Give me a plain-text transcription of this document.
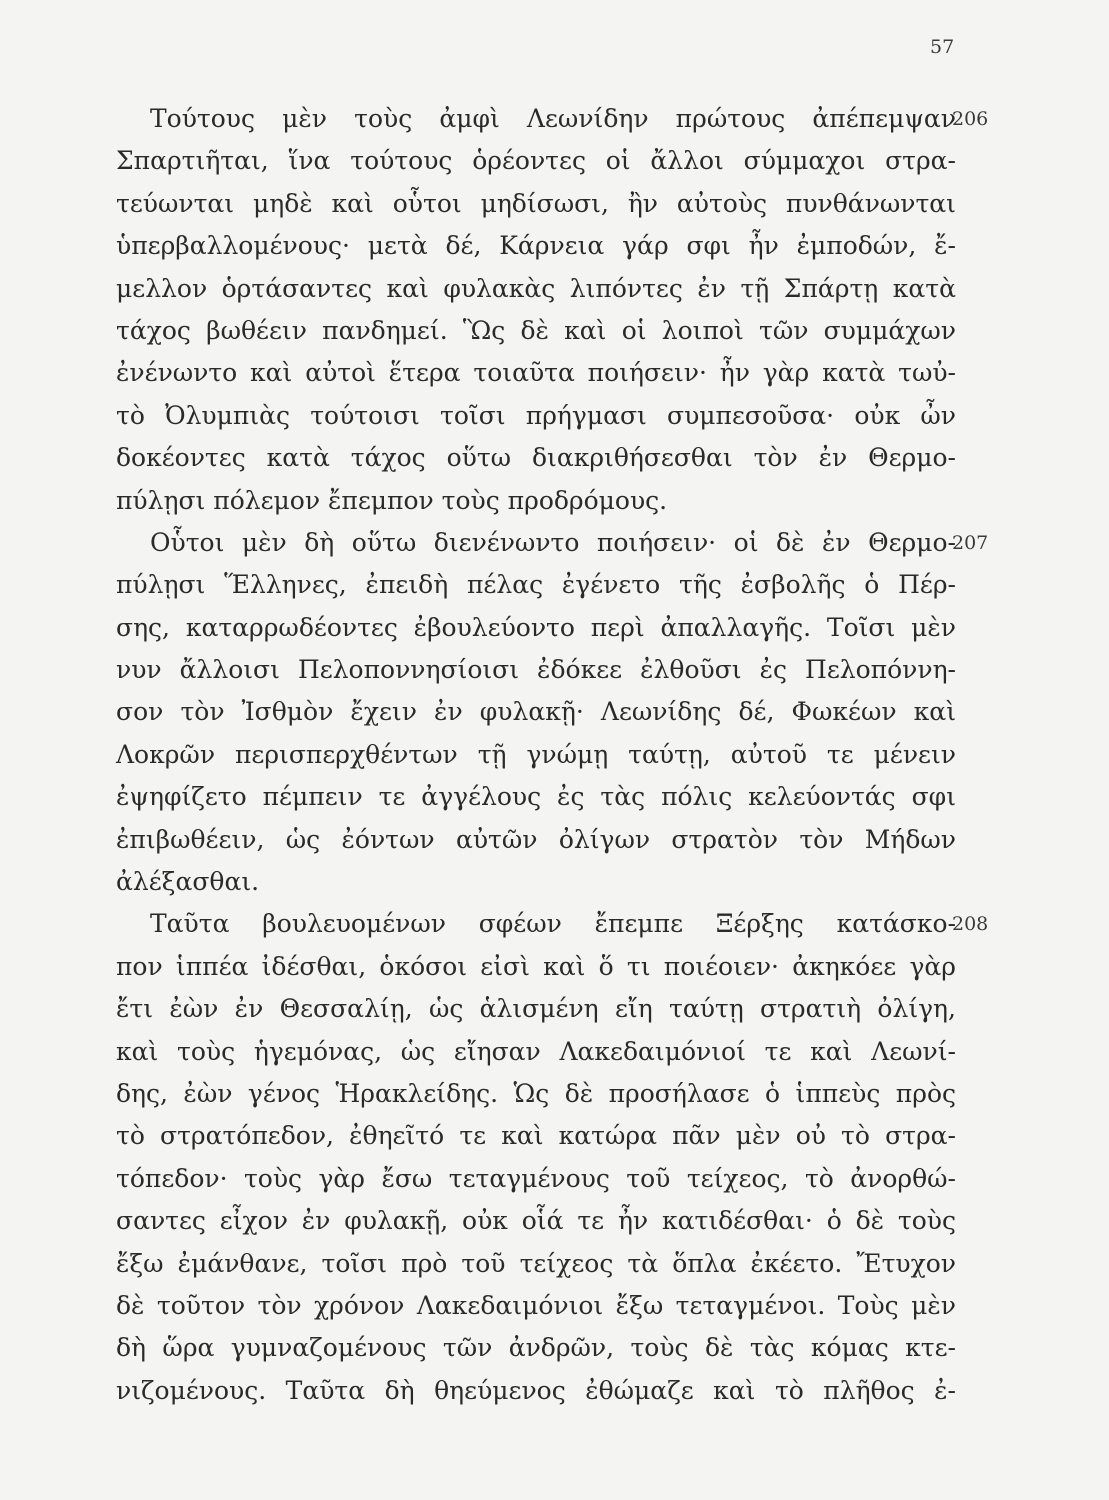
57
Τούτους μὲν τοὺς ἀμφὶ Λεωνίδην πρώτους ἀπέπεμψαν
206
Σπαρτιῆται, ἵνα τούτους ὁρέοντες οἱ ἄλλοι σύμμαχοι στρα-
τεύωνται μηδὲ καὶ οὗτοι μηδίσωσι, ἢν αὐτοὺς πυνθάνωνται
ὑπερβαλλομένους· μετὰ δέ, Κάρνεια γάρ σφι ἦν ἐμποδών, ἔ-
μελλον ὁρτάσαντες καὶ φυλακὰς λιπόντες ἐν τῇ Σπάρτῃ κατὰ
τάχος βωθέειν πανδημεί. Ὣς δὲ καὶ οἱ λοιποὶ τῶν συμμάχων
ἐνένωντο καὶ αὐτοὶ ἕτερα τοιαῦτα ποιήσειν· ἦν γὰρ κατὰ τωὐ-
τὸ Ὀλυμπιὰς τούτοισι τοῖσι πρήγμασι συμπεσοῦσα· οὐκ ὦν
δοκέοντες κατὰ τάχος οὕτω διακριθήσεσθαι τὸν ἐν Θερμο-
πύλῃσι πόλεμον ἔπεμπον τοὺς προδρόμους.
Οὗτοι μὲν δὴ οὕτω διενένωντο ποιήσειν· οἱ δὲ ἐν Θερμο-
207
πύλῃσι Ἕλληνες, ἐπειδὴ πέλας ἐγένετο τῆς ἐσβολῆς ὁ Πέρ-
σης, καταρρωδέοντες ἐβουλεύοντο περὶ ἀπαλλαγῆς. Τοῖσι μὲν
νυν ἄλλοισι Πελοποννησίοισι ἐδόκεε ἐλθοῦσι ἐς Πελοπόννη-
σον τὸν Ἰσθμὸν ἔχειν ἐν φυλακῇ· Λεωνίδης δέ, Φωκέων καὶ
Λοκρῶν περισπερχθέντων τῇ γνώμῃ ταύτῃ, αὐτοῦ τε μένειν
ἐψηφίζετο πέμπειν τε ἀγγέλους ἐς τὰς πόλις κελεύοντάς σφι
ἐπιβωθέειν, ὡς ἐόντων αὐτῶν ὀλίγων στρατὸν τὸν Μήδων
ἀλέξασθαι.
Ταῦτα βουλευομένων σφέων ἔπεμπε Ξέρξης κατάσκο-
208
πον ἱππέα ἰδέσθαι, ὁκόσοι εἰσὶ καὶ ὅ τι ποιέοιεν· ἀκηκόεε γὰρ
ἔτι ἐὼν ἐν Θεσσαλίῃ, ὡς ἁλισμένη εἴη ταύτῃ στρατιὴ ὀλίγη,
καὶ τοὺς ἡγεμόνας, ὡς εἴησαν Λακεδαιμόνιοί τε καὶ Λεωνί-
δης, ἐὼν γένος Ἡρακλείδης. Ὡς δὲ προσήλασε ὁ ἱππεὺς πρὸς
τὸ στρατόπεδον, ἐθηεῖτό τε καὶ κατώρα πᾶν μὲν οὐ τὸ στρα-
τόπεδον· τοὺς γὰρ ἔσω τεταγμένους τοῦ τείχεος, τὸ ἀνορθώ-
σαντες εἶχον ἐν φυλακῇ, οὐκ οἷά τε ἦν κατιδέσθαι· ὁ δὲ τοὺς
ἔξω ἐμάνθανε, τοῖσι πρὸ τοῦ τείχεος τὰ ὅπλα ἐκέετο. Ἔτυχον
δὲ τοῦτον τὸν χρόνον Λακεδαιμόνιοι ἔξω τεταγμένοι. Τοὺς μὲν
δὴ ὥρα γυμναζομένους τῶν ἀνδρῶν, τοὺς δὲ τὰς κόμας κτε-
νιζομένους. Ταῦτα δὴ θηεύμενος ἐθώμαζε καὶ τὸ πλῆθος ἐ-
